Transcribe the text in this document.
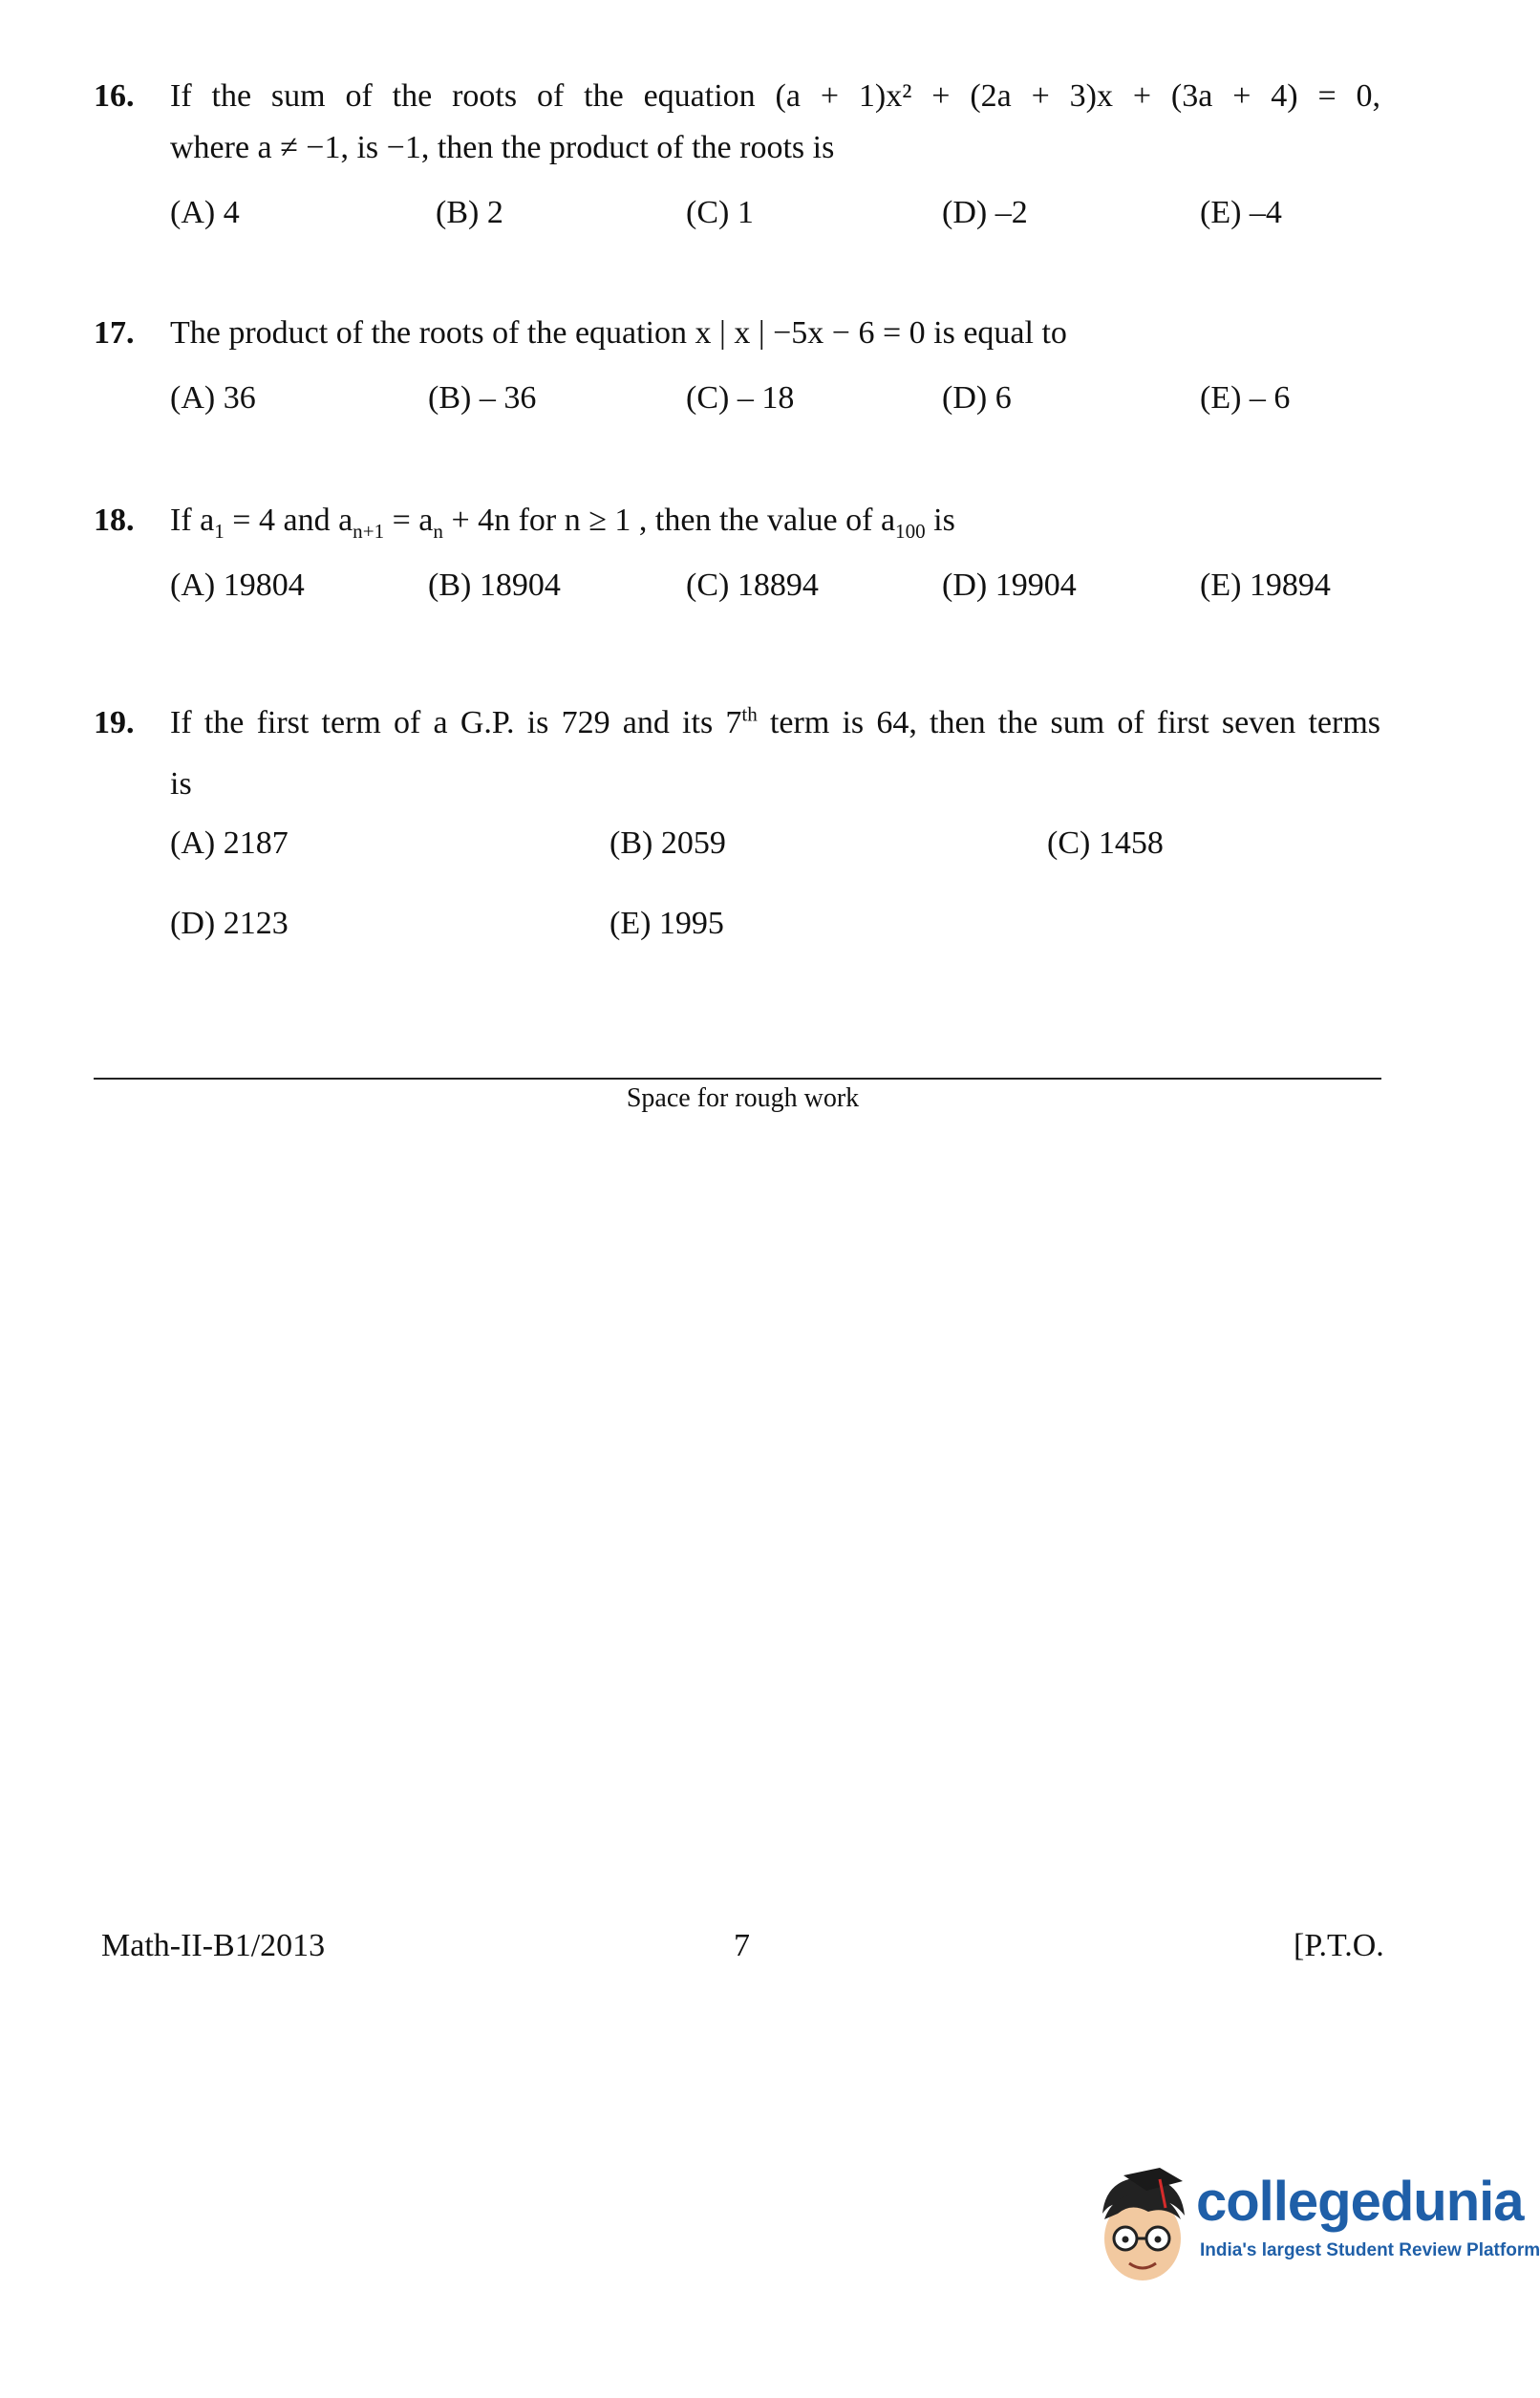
16. If the sum of the roots of the equation (a + 1)x² + (2a + 3)x + (3a + 4) = 0,
where a ≠ −1, is −1, then the product of the roots is
(A) 4	(B) 2	(C) 1	(D) –2	(E) –4
17. The product of the roots of the equation x | x | −5x − 6 = 0 is equal to
(A) 36	(B) – 36	(C) – 18	(D) 6	(E) – 6
18. If $a_1 = 4$ and $a_{n+1} = a_n + 4n$ for n ≥ 1 , then the value of $a_{100}$ is
(A) 19804	(B) 18904	(C) 18894	(D) 19904	(E) 19894
19. If the first term of a G.P. is 729 and its 7th term is 64, then the sum of first seven terms
is
(A) 2187	(B) 2059	(C) 1458
(D) 2123	(E) 1995
Space for rough work
Math-II-B1/2013	7	[P.T.O.
collegedunia
India's largest Student Review Platform
